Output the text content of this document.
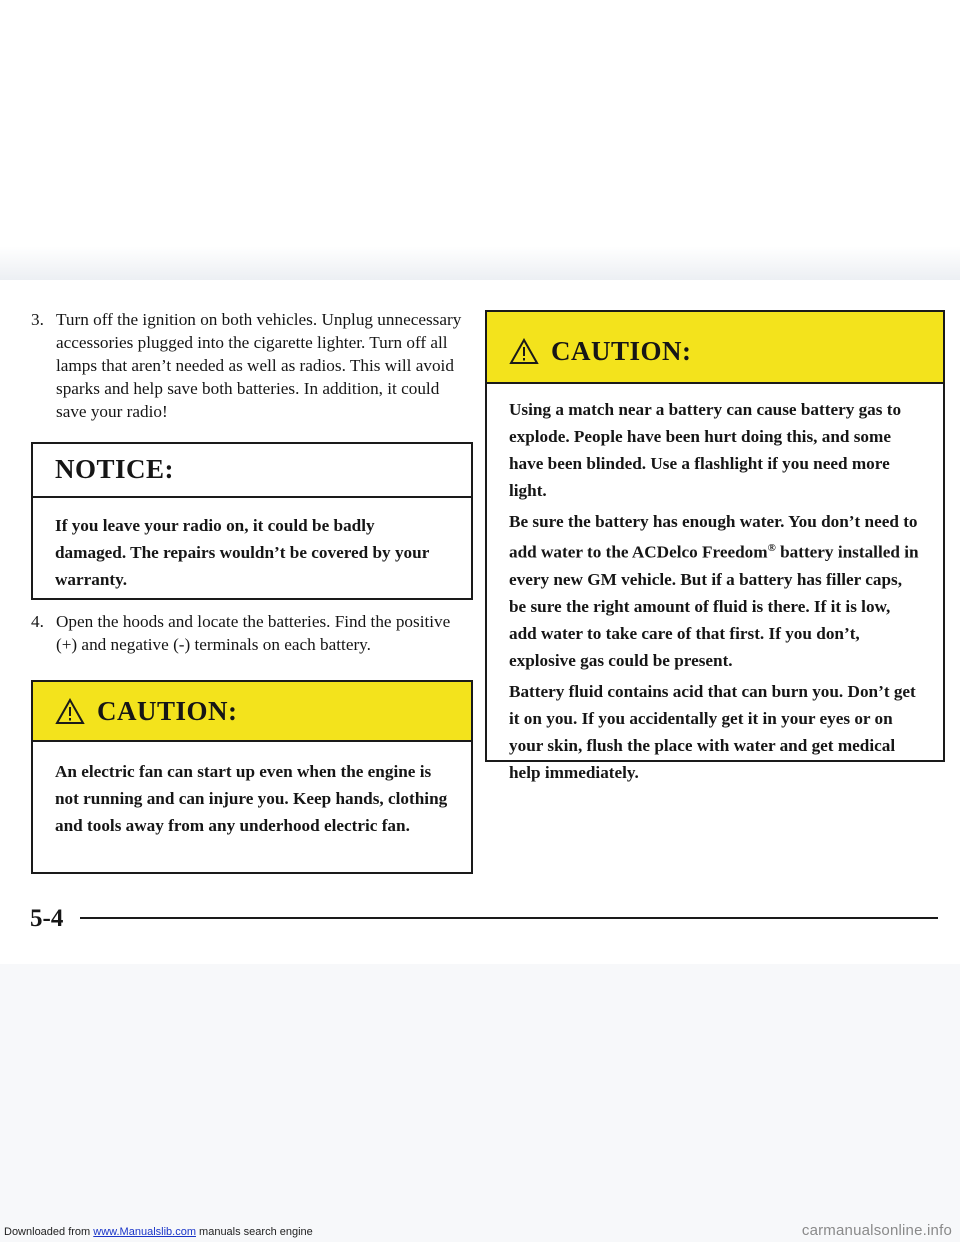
3. Turn off the ignition on both vehicles. Unplug unnecessary accessories plugged into the cigarette lighter. Turn off all lamps that aren’t needed as well as radios. This will avoid sparks and help save both batteries. In addition, it could save your radio!
NOTICE:
If you leave your radio on, it could be badly damaged. The repairs wouldn’t be covered by your warranty.
4. Open the hoods and locate the batteries. Find the positive (+) and negative (-) terminals on each battery.
CAUTION:
An electric fan can start up even when the engine is not running and can injure you. Keep hands, clothing and tools away from any underhood electric fan.
CAUTION:

Using a match near a battery can cause battery gas to explode. People have been hurt doing this, and some have been blinded. Use a flashlight if you need more light.

Be sure the battery has enough water. You don’t need to add water to the ACDelco Freedom® battery installed in every new GM vehicle. But if a battery has filler caps, be sure the right amount of fluid is there. If it is low, add water to take care of that first. If you don’t, explosive gas could be present.

Battery fluid contains acid that can burn you. Don’t get it on you. If you accidentally get it in your eyes or on your skin, flush the place with water and get medical help immediately.

5-4
Downloaded from www.Manualslib.com manuals search engine	carmanualsonline.info
